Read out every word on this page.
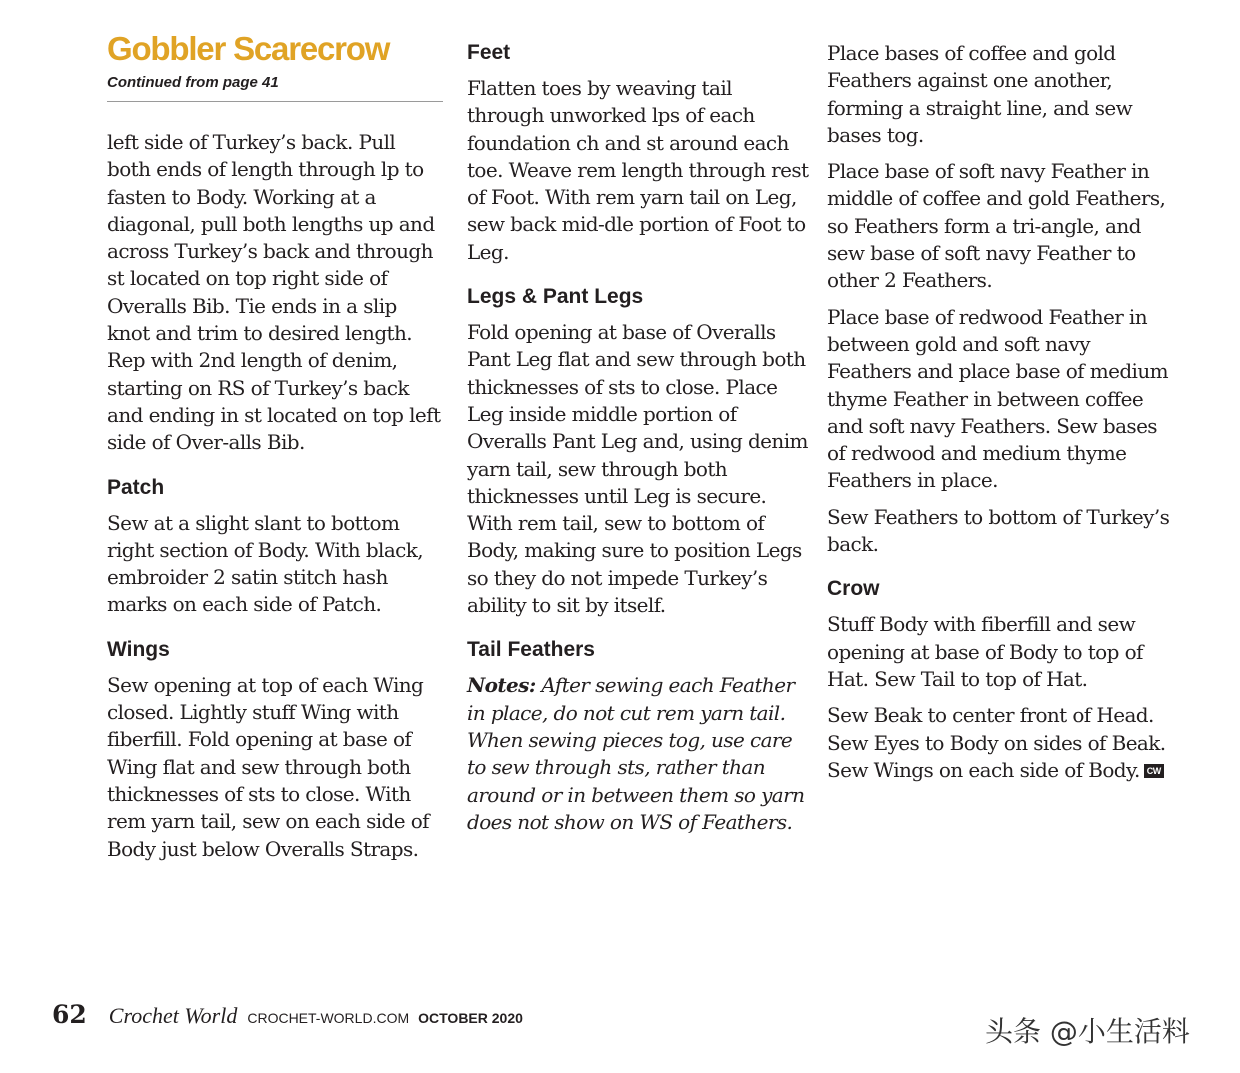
Gobbler Scarecrow
Continued from page 41

left side of Turkey’s back. Pull both ends of length through lp to fasten to Body. Working at a diagonal, pull both lengths up and across Turkey’s back and through st located on top right side of Overalls Bib. Tie ends in a slip knot and trim to desired length. Rep with 2nd length of denim, starting on RS of Turkey’s back and ending in st located on top left side of Over-alls Bib.

Patch

Sew at a slight slant to bottom right section of Body. With black, embroider 2 satin stitch hash marks on each side of Patch.

Wings

Sew opening at top of each Wing closed. Lightly stuff Wing with fiberfill. Fold opening at base of Wing flat and sew through both thicknesses of sts to close. With rem yarn tail, sew on each side of Body just below Overalls Straps.

Feet

Flatten toes by weaving tail through unworked lps of each foundation ch and st around each toe. Weave rem length through rest of Foot. With rem yarn tail on Leg, sew back mid-dle portion of Foot to Leg.

Legs & Pant Legs

Fold opening at base of Overalls Pant Leg flat and sew through both thicknesses of sts to close. Place Leg inside middle portion of Overalls Pant Leg and, using denim yarn tail, sew through both thicknesses until Leg is secure. With rem tail, sew to bottom of Body, making sure to position Legs so they do not impede Turkey’s ability to sit by itself.

Tail Feathers

Notes: After sewing each Feather in place, do not cut rem yarn tail. When sewing pieces tog, use care to sew through sts, rather than around or in between them so yarn does not show on WS of Feathers.

Place bases of coffee and gold Feathers against one another, forming a straight line, and sew bases tog.

Place base of soft navy Feather in middle of coffee and gold Feathers, so Feathers form a tri-angle, and sew base of soft navy Feather to other 2 Feathers.

Place base of redwood Feather in between gold and soft navy Feathers and place base of medium thyme Feather in between coffee and soft navy Feathers. Sew bases of redwood and medium thyme Feathers in place.

Sew Feathers to bottom of Turkey’s back.

Crow

Stuff Body with fiberfill and sew opening at base of Body to top of Hat. Sew Tail to top of Hat.

Sew Beak to center front of Head. Sew Eyes to Body on sides of Beak. Sew Wings on each side of Body. CW

62 Crochet World CROCHET-WORLD.COM OCTOBER 2020	头条 @小生活料
